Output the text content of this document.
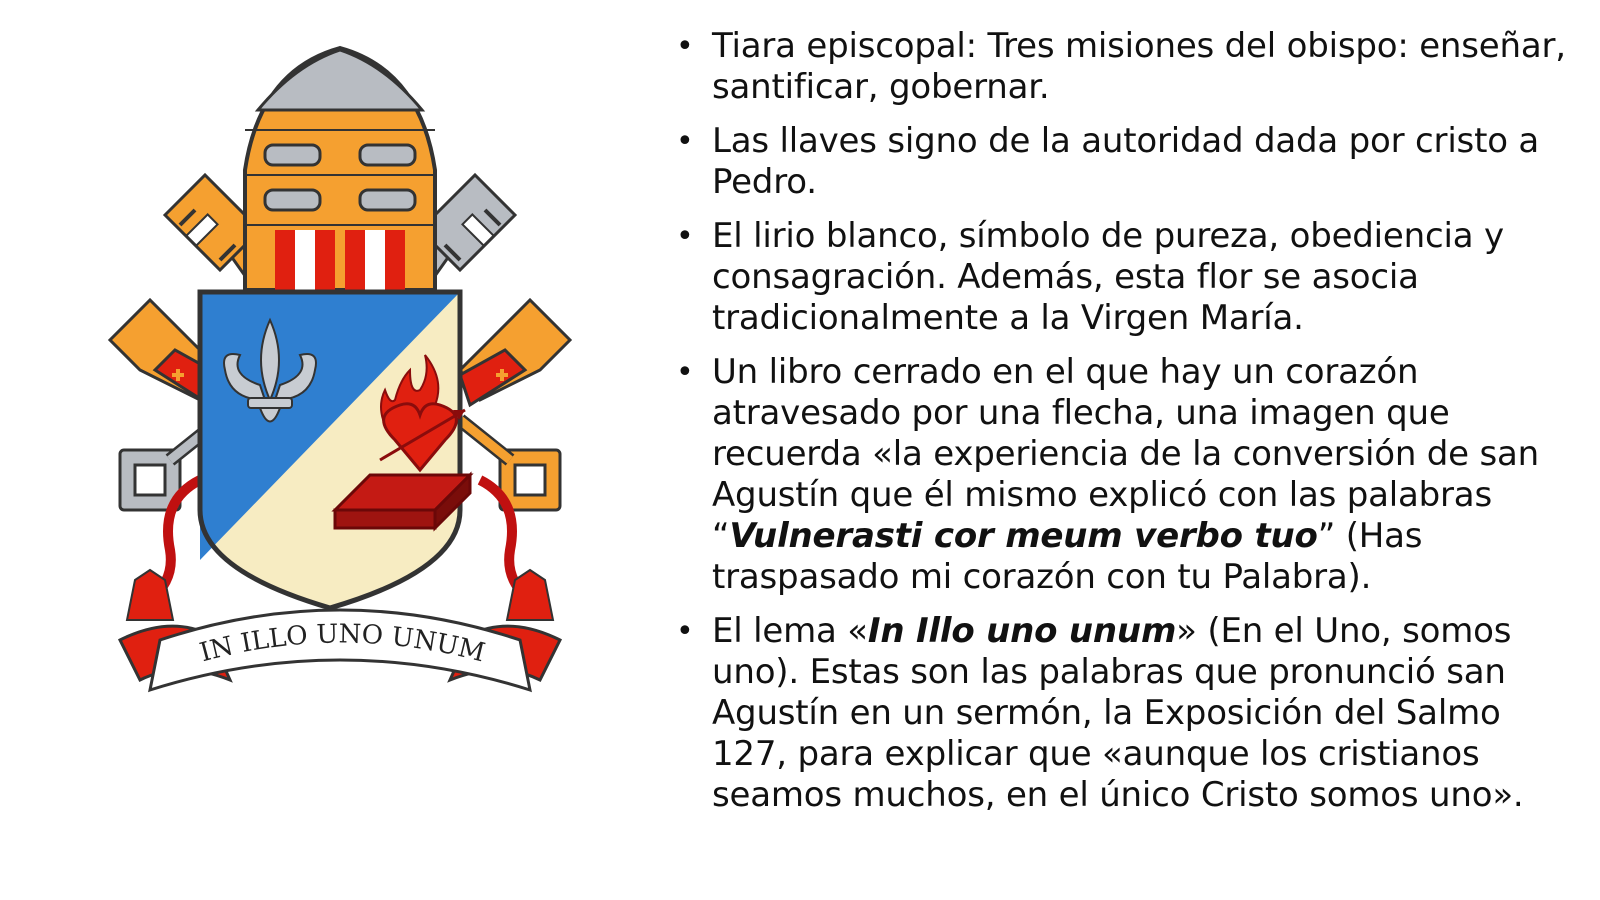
IN ILLO UNO UNUM
• Tiara episcopal: Tres misiones del obispo: enseñar, santificar, gobernar.
• Las llaves signo de la autoridad dada por cristo a Pedro.
• El lirio blanco, símbolo de pureza, obediencia y consagración. Además, esta flor se asocia tradicionalmente a la Virgen María.
• Un libro cerrado en el que hay un corazón atravesado por una flecha, una imagen que recuerda «la experiencia de la conversión de san Agustín que él mismo explicó con las palabras “Vulnerasti cor meum verbo tuo” (Has traspasado mi corazón con tu Palabra).
• El lema «In Illo uno unum» (En el Uno, somos uno). Estas son las palabras que pronunció san Agustín en un sermón, la Exposición del Salmo 127, para explicar que «aunque los cristianos seamos muchos, en el único Cristo somos uno».
